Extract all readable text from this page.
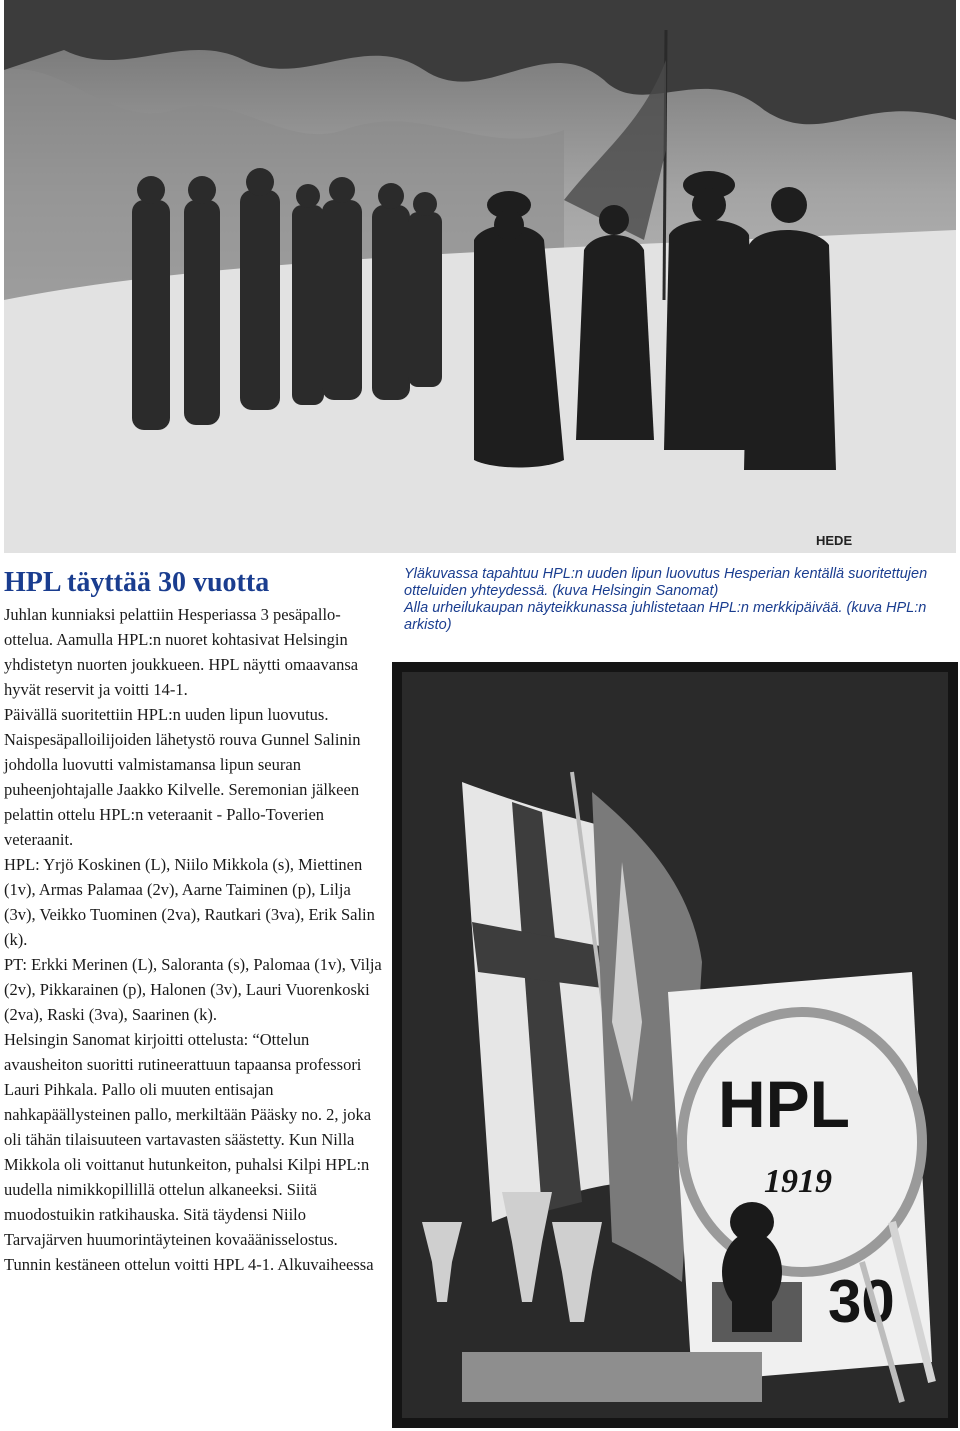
HEDE
HPL täyttää 30 vuotta

Juhlan kunniaksi pelattiin Hesperiassa 3 pesäpallo-ottelua. Aamulla HPL:n nuoret kohtasivat Helsingin yhdistetyn nuorten joukkueen. HPL näytti omaavansa hyvät reservit ja voitti 14-1.

Päivällä suoritettiin HPL:n uuden lipun luovutus. Naispesäpalloilijoiden lähetystö rouva Gunnel Salinin johdolla luovutti valmistamansa lipun seuran puheenjohtajalle Jaakko Kilvelle. Seremonian jälkeen pelattin ottelu HPL:n veteraanit - Pallo-Toverien veteraanit.

HPL: Yrjö Koskinen (L), Niilo Mikkola (s), Miettinen (1v), Armas Palamaa (2v), Aarne Taiminen (p), Lilja (3v), Veikko Tuominen (2va), Rautkari (3va), Erik Salin (k).

PT: Erkki Merinen (L), Saloranta (s), Palomaa (1v), Vilja (2v), Pikkarainen (p), Halonen (3v), Lauri Vuorenkoski (2va), Raski (3va), Saarinen (k).

Helsingin Sanomat kirjoitti ottelusta: “Ottelun avausheiton suoritti rutineerattuun tapaansa professori Lauri Pihkala. Pallo oli muuten entisajan nahkapäällysteinen pallo, merkiltään Pääsky no. 2, joka oli tähän tilaisuuteen vartavasten säästetty. Kun Nilla Mikkola oli voittanut hutunkeiton, puhalsi Kilpi HPL:n uudella nimikkopillillä ottelun alkaneeksi. Siitä muodostuikin ratkihauska. Sitä täydensi Niilo Tarvajärven huumorintäyteinen kovaäänisselostus. Tunnin kestäneen ottelun voitti HPL 4-1. Alkuvaiheessa

Yläkuvassa tapahtuu HPL:n uuden lipun luovutus Hesperian kentällä suoritettujen otteluiden yhteydessä. (kuva Helsingin Sanomat)

Alla urheilukaupan näyteikkunassa juhlistetaan HPL:n merkkipäivää. (kuva HPL:n arkisto)

HPL
1919
30
